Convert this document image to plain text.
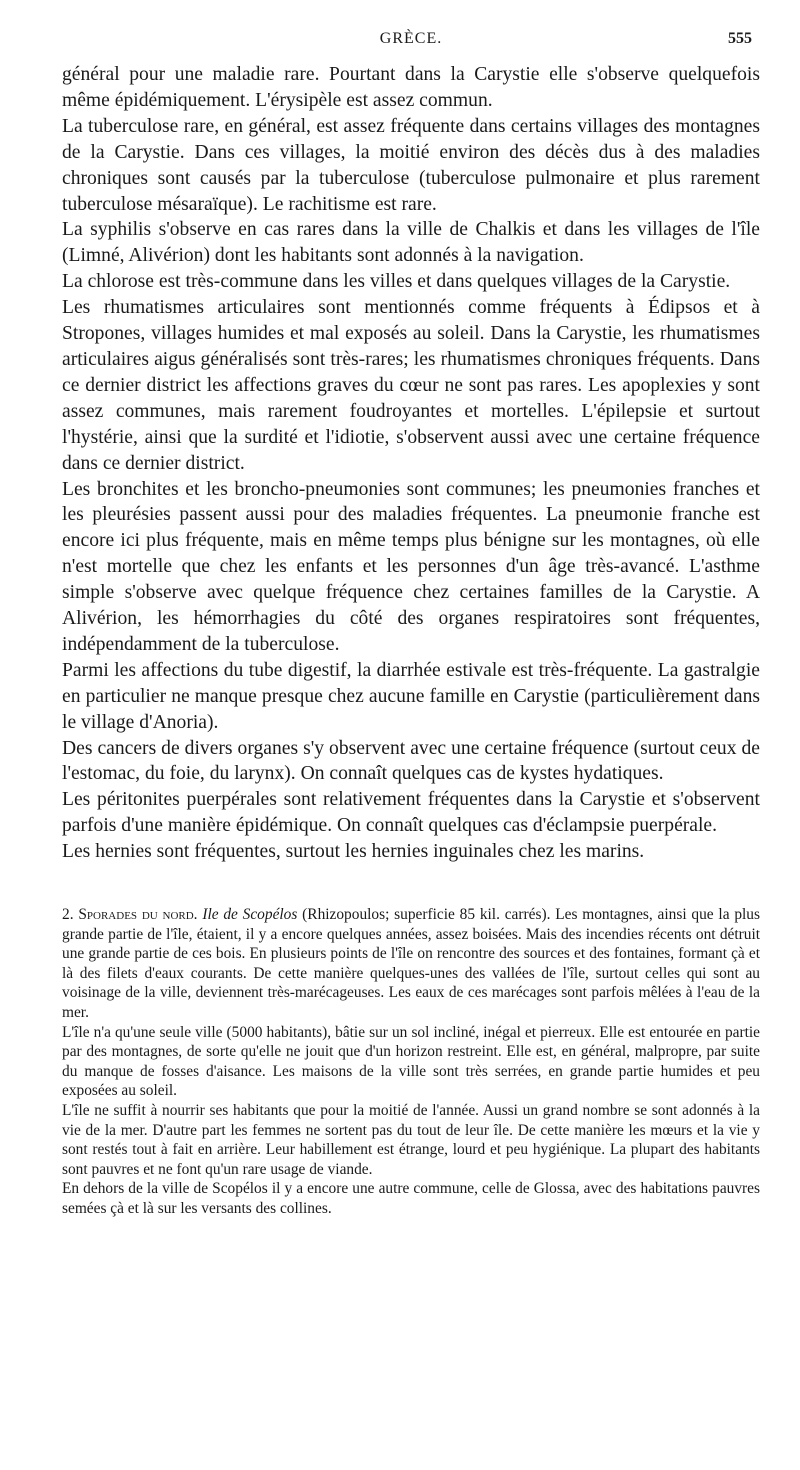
GRÈCE.	555

général pour une maladie rare. Pourtant dans la Carystie elle s'observe quelquefois même épidémiquement. L'érysipèle est assez commun.

La tuberculose rare, en général, est assez fréquente dans certains villages des montagnes de la Carystie. Dans ces villages, la moitié environ des décès dus à des maladies chroniques sont causés par la tuberculose (tuberculose pulmonaire et plus rarement tuberculose mésaraïque). Le rachitisme est rare.

La syphilis s'observe en cas rares dans la ville de Chalkis et dans les villages de l'île (Limné, Alivérion) dont les habitants sont adonnés à la navigation.

La chlorose est très-commune dans les villes et dans quelques villages de la Carystie.

Les rhumatismes articulaires sont mentionnés comme fréquents à Édipsos et à Stropones, villages humides et mal exposés au soleil. Dans la Carystie, les rhumatismes articulaires aigus généralisés sont très-rares; les rhumatismes chroniques fréquents. Dans ce dernier district les affections graves du cœur ne sont pas rares. Les apoplexies y sont assez communes, mais rarement foudroyantes et mortelles. L'épilepsie et surtout l'hystérie, ainsi que la surdité et l'idiotie, s'observent aussi avec une certaine fréquence dans ce dernier district.

Les bronchites et les broncho-pneumonies sont communes; les pneumonies franches et les pleurésies passent aussi pour des maladies fréquentes. La pneumonie franche est encore ici plus fréquente, mais en même temps plus bénigne sur les montagnes, où elle n'est mortelle que chez les enfants et les personnes d'un âge très-avancé. L'asthme simple s'observe avec quelque fréquence chez certaines familles de la Carystie. A Alivérion, les hémorrhagies du côté des organes respiratoires sont fréquentes, indépendamment de la tuberculose.

Parmi les affections du tube digestif, la diarrhée estivale est très-fréquente. La gastralgie en particulier ne manque presque chez aucune famille en Carystie (particulièrement dans le village d'Anoria).

Des cancers de divers organes s'y observent avec une certaine fréquence (surtout ceux de l'estomac, du foie, du larynx). On connaît quelques cas de kystes hydatiques.

Les péritonites puerpérales sont relativement fréquentes dans la Carystie et s'observent parfois d'une manière épidémique. On connaît quelques cas d'éclampsie puerpérale.

Les hernies sont fréquentes, surtout les hernies inguinales chez les marins.

2. Sporades du nord. Ile de Scopélos (Rhizopoulos; superficie 85 kil. carrés). Les montagnes, ainsi que la plus grande partie de l'île, étaient, il y a encore quelques années, assez boisées. Mais des incendies récents ont détruit une grande partie de ces bois. En plusieurs points de l'île on rencontre des sources et des fontaines, formant çà et là des filets d'eaux courants. De cette manière quelques-unes des vallées de l'île, surtout celles qui sont au voisinage de la ville, deviennent très-marécageuses. Les eaux de ces marécages sont parfois mêlées à l'eau de la mer.

L'île n'a qu'une seule ville (5000 habitants), bâtie sur un sol incliné, inégal et pierreux. Elle est entourée en partie par des montagnes, de sorte qu'elle ne jouit que d'un horizon restreint. Elle est, en général, malpropre, par suite du manque de fosses d'aisance. Les maisons de la ville sont très serrées, en grande partie humides et peu exposées au soleil.

L'île ne suffit à nourrir ses habitants que pour la moitié de l'année. Aussi un grand nombre se sont adonnés à la vie de la mer. D'autre part les femmes ne sortent pas du tout de leur île. De cette manière les mœurs et la vie y sont restés tout à fait en arrière. Leur habillement est étrange, lourd et peu hygiénique. La plupart des habitants sont pauvres et ne font qu'un rare usage de viande.

En dehors de la ville de Scopélos il y a encore une autre commune, celle de Glossa, avec des habitations pauvres semées çà et là sur les versants des collines.
